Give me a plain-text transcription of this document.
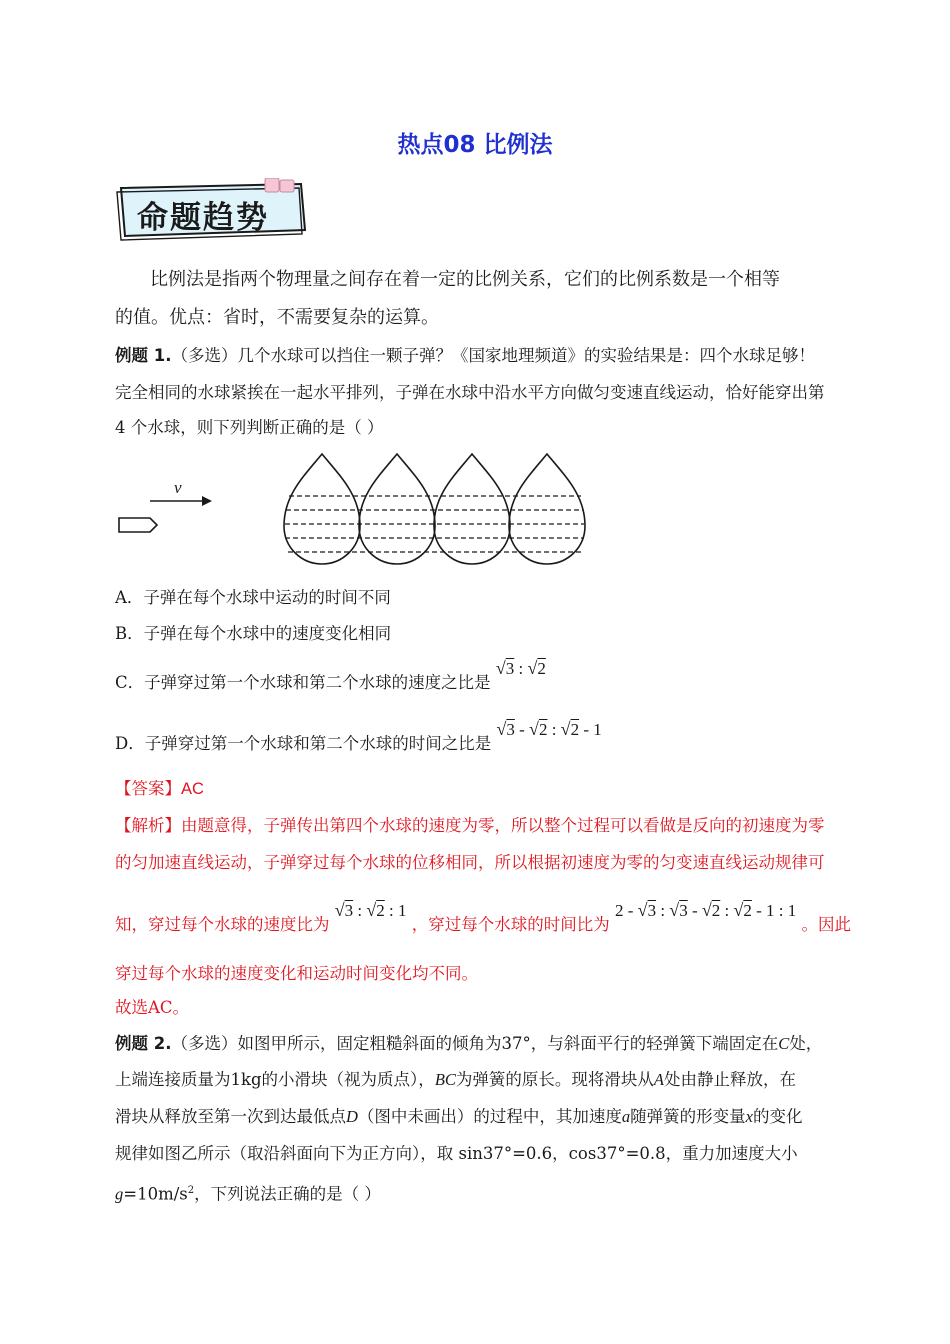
热点08 比例法
命题趋势
比例法是指两个物理量之间存在着一定的比例关系，它们的比例系数是一个相等
的值。优点：省时，不需要复杂的运算。
例题 1.（多选）几个水球可以挡住一颗子弹？《国家地理频道》的实验结果是：四个水球足够！
完全相同的水球紧挨在一起水平排列，子弹在水球中沿水平方向做匀变速直线运动，恰好能穿出第
4 个水球，则下列判断正确的是（ ）
v
A．子弹在每个水球中运动的时间不同
B．子弹在每个水球中的速度变化相同
C．子弹穿过第一个水球和第二个水球的速度之比是 √3 : √2
D．子弹穿过第一个水球和第二个水球的时间之比是 √3 - √2 : √2 - 1
【答案】AC
【解析】由题意得，子弹传出第四个水球的速度为零，所以整个过程可以看做是反向的初速度为零
的匀加速直线运动，子弹穿过每个水球的位移相同，所以根据初速度为零的匀变速直线运动规律可
知，穿过每个水球的速度比为 √3 : √2 : 1 ，穿过每个水球的时间比为 2 - √3 : √3 - √2 : √2 - 1 : 1 。因此
穿过每个水球的速度变化和运动时间变化均不同。
故选AC。
例题 2.（多选）如图甲所示，固定粗糙斜面的倾角为37°，与斜面平行的轻弹簧下端固定在C处，
上端连接质量为1kg的小滑块（视为质点），BC为弹簧的原长。现将滑块从A处由静止释放，在
滑块从释放至第一次到达最低点D（图中未画出）的过程中，其加速度a随弹簧的形变量x的变化
规律如图乙所示（取沿斜面向下为正方向），取 sin37°=0.6，cos37°=0.8，重力加速度大小
$g=10m/s^2$，下列说法正确的是（ ）
